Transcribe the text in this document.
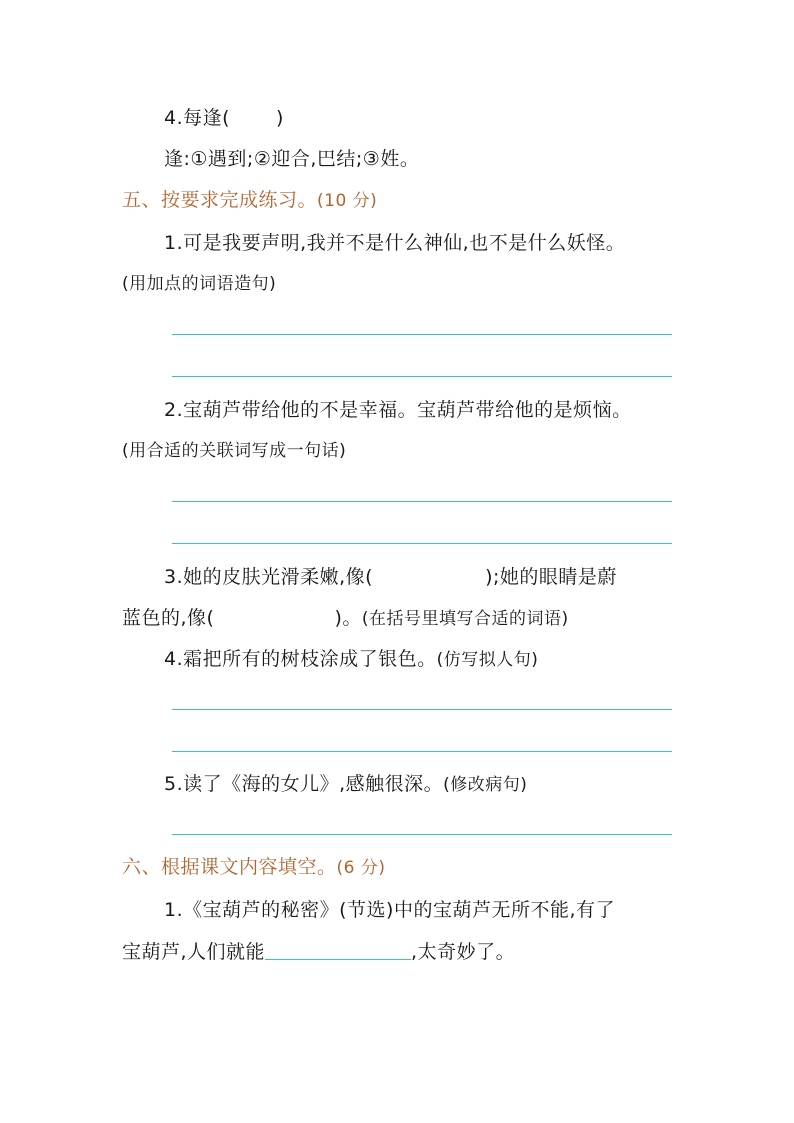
4.每逢( )
逢:①遇到;②迎合,巴结;③姓。
五、按要求完成练习。(10 分)
1.可是我要声明,我并不是什么神仙,也不是什么妖怪。
(用加点的词语造句)
2.宝葫芦带给他的不是幸福。宝葫芦带给他的是烦恼。
(用合适的关联词写成一句话)
3.她的皮肤光滑柔嫩,像(	);她的眼睛是蔚
蓝色的,像(	)。(在括号里填写合适的词语)
4.霜把所有的树枝涂成了银色。(仿写拟人句)
5.读了《海的女儿》,感触很深。(修改病句)
六、根据课文内容填空。(6 分)
1.《宝葫芦的秘密》(节选)中的宝葫芦无所不能,有了
宝葫芦,人们就能	,太奇妙了。
